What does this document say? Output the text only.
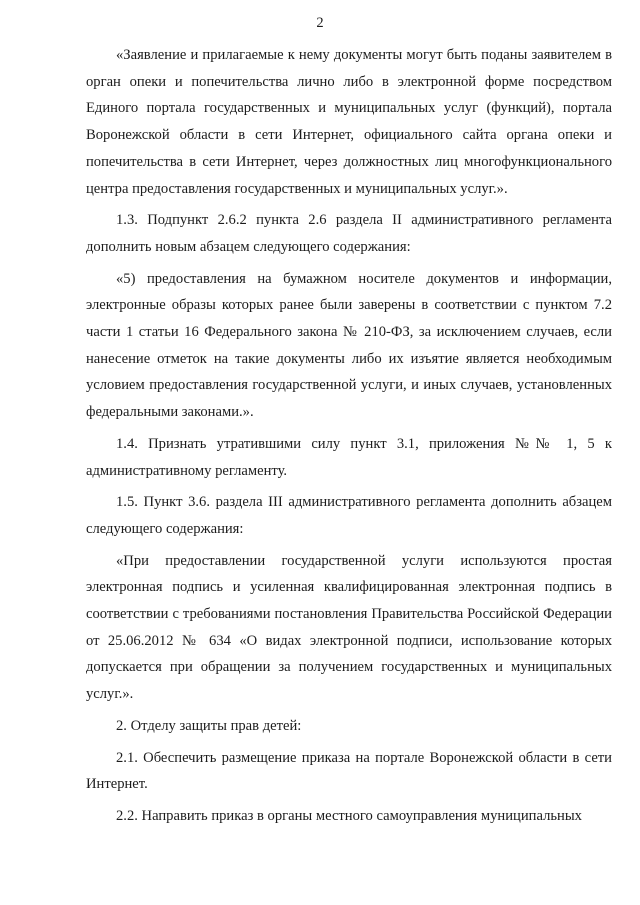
2

«Заявление и прилагаемые к нему документы могут быть поданы заявителем в орган опеки и попечительства лично либо в электронной форме посредством Единого портала государственных и муниципальных услуг (функций), портала Воронежской области в сети Интернет, официального сайта органа опеки и попечительства в сети Интернет, через должностных лиц многофункционального центра предоставления государственных и муниципальных услуг.».

1.3. Подпункт 2.6.2 пункта 2.6 раздела II административного регламента дополнить новым абзацем следующего содержания:

«5) предоставления на бумажном носителе документов и информации, электронные образы которых ранее были заверены в соответствии с пунктом 7.2 части 1 статьи 16 Федерального закона № 210-ФЗ, за исключением случаев, если нанесение отметок на такие документы либо их изъятие является необходимым условием предоставления государственной услуги, и иных случаев, установленных федеральными законами.».

1.4. Признать утратившими силу пункт 3.1, приложения №№ 1, 5 к административному регламенту.

1.5. Пункт 3.6. раздела III административного регламента дополнить абзацем следующего содержания:

«При предоставлении государственной услуги используются простая электронная подпись и усиленная квалифицированная электронная подпись в соответствии с требованиями постановления Правительства Российской Федерации от 25.06.2012 № 634 «О видах электронной подписи, использование которых допускается при обращении за получением государственных и муниципальных услуг.».

2. Отделу защиты прав детей:

2.1. Обеспечить размещение приказа на портале Воронежской области в сети Интернет.

2.2. Направить приказ в органы местного самоуправления муниципальных
